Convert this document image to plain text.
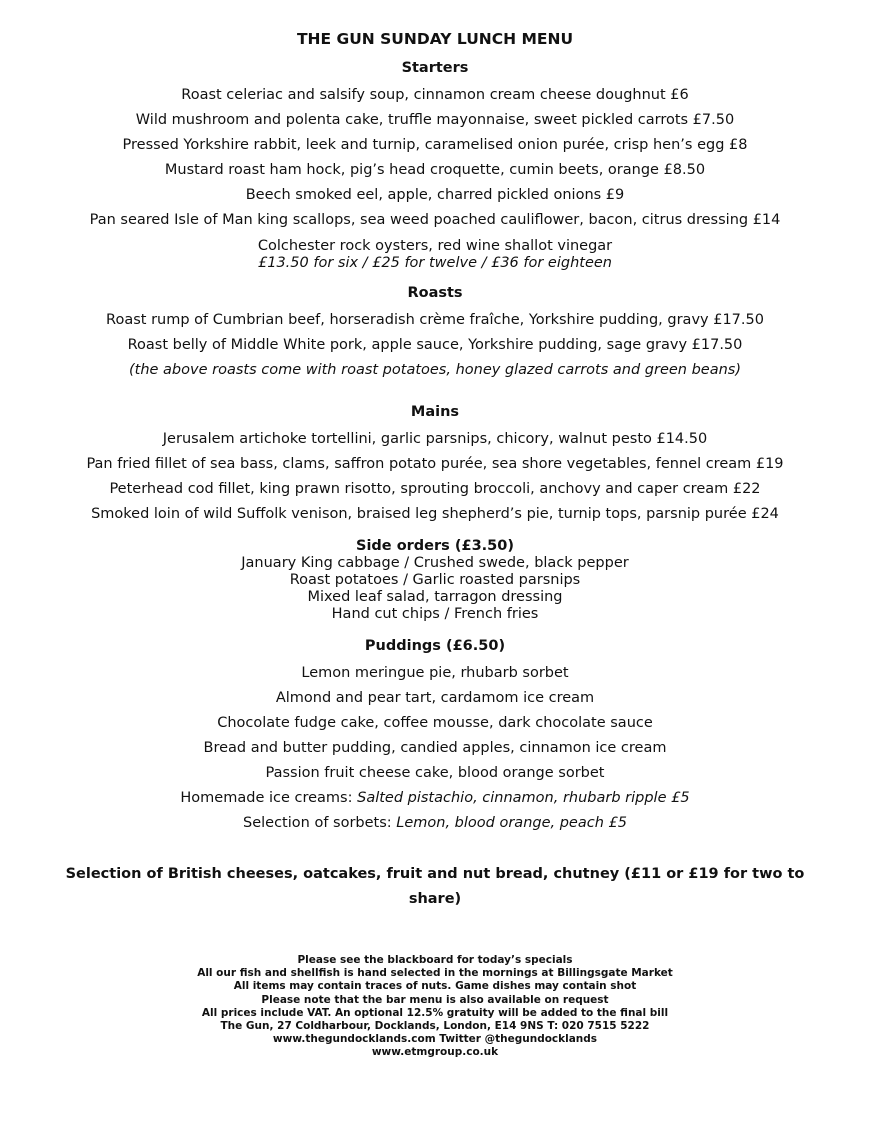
THE GUN SUNDAY LUNCH MENU
Starters
Roast celeriac and salsify soup, cinnamon cream cheese doughnut £6
Wild mushroom and polenta cake, truffle mayonnaise, sweet pickled carrots £7.50
Pressed Yorkshire rabbit, leek and turnip, caramelised onion purée, crisp hen’s egg £8
Mustard roast ham hock, pig’s head croquette, cumin beets, orange £8.50
Beech smoked eel, apple, charred pickled onions £9
Pan seared Isle of Man king scallops, sea weed poached cauliflower, bacon, citrus dressing £14
Colchester rock oysters, red wine shallot vinegar
£13.50 for six / £25 for twelve / £36 for eighteen
Roasts
Roast rump of Cumbrian beef, horseradish crème fraîche, Yorkshire pudding, gravy £17.50
Roast belly of Middle White pork, apple sauce, Yorkshire pudding, sage gravy £17.50
(the above roasts come with roast potatoes, honey glazed carrots and green beans)
Mains
Jerusalem artichoke tortellini, garlic parsnips, chicory, walnut pesto £14.50
Pan fried fillet of sea bass, clams, saffron potato purée, sea shore vegetables, fennel cream £19
Peterhead cod fillet, king prawn risotto, sprouting broccoli, anchovy and caper cream £22
Smoked loin of wild Suffolk venison, braised leg shepherd’s pie, turnip tops, parsnip purée £24
Side orders (£3.50)
January King cabbage / Crushed swede, black pepper
Roast potatoes / Garlic roasted parsnips
Mixed leaf salad, tarragon dressing
Hand cut chips / French fries
Puddings (£6.50)
Lemon meringue pie, rhubarb sorbet
Almond and pear tart, cardamom ice cream
Chocolate fudge cake, coffee mousse, dark chocolate sauce
Bread and butter pudding, candied apples, cinnamon ice cream
Passion fruit cheese cake, blood orange sorbet
Homemade ice creams: Salted pistachio, cinnamon, rhubarb ripple £5
Selection of sorbets: Lemon, blood orange, peach £5
Selection of British cheeses, oatcakes, fruit and nut bread, chutney (£11 or £19 for two to share)
Please see the blackboard for today’s specials
All our fish and shellfish is hand selected in the mornings at Billingsgate Market
All items may contain traces of nuts. Game dishes may contain shot
Please note that the bar menu is also available on request
All prices include VAT. An optional 12.5% gratuity will be added to the final bill
The Gun, 27 Coldharbour, Docklands, London, E14 9NS T: 020 7515 5222
www.thegundocklands.com Twitter @thegundocklands
www.etmgroup.co.uk
